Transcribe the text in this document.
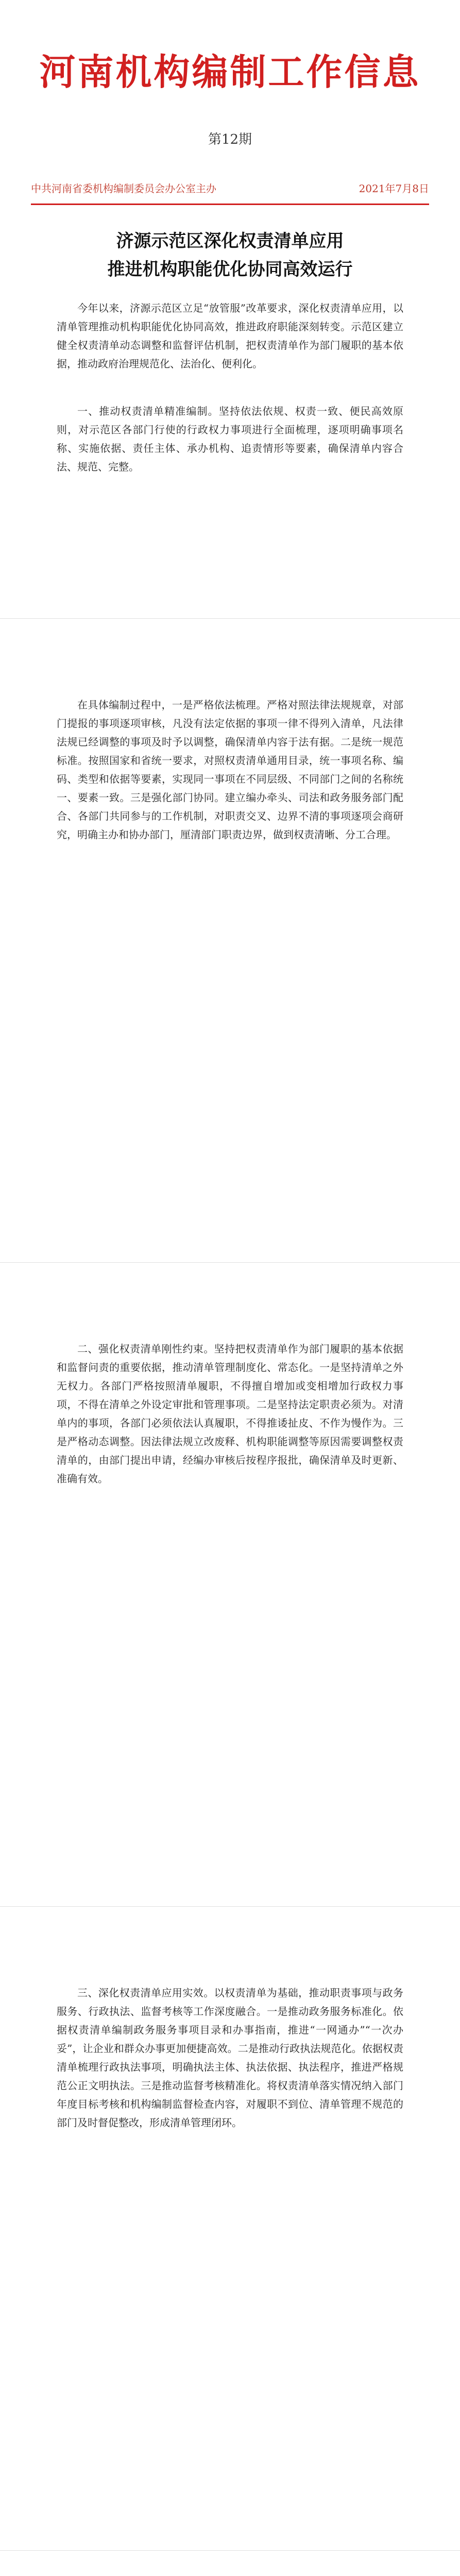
河南机构编制工作信息
第12期
中共河南省委机构编制委员会办公室主办	2021年7月8日
济源示范区深化权责清单应用
推进机构职能优化协同高效运行
今年以来，济源示范区立足“放管服”改革要求，深化权责清单应用，以清单管理推动机构职能优化协同高效，推进政府职能深刻转变。示范区建立健全权责清单动态调整和监督评估机制，把权责清单作为部门履职的基本依据，推动政府治理规范化、法治化、便利化。
一、推动权责清单精准编制。坚持依法依规、权责一致、便民高效原则，对示范区各部门行使的行政权力事项进行全面梳理，逐项明确事项名称、实施依据、责任主体、承办机构、追责情形等要素，确保清单内容合法、规范、完整。
在具体编制过程中，一是严格依法梳理。严格对照法律法规规章，对部门提报的事项逐项审核，凡没有法定依据的事项一律不得列入清单，凡法律法规已经调整的事项及时予以调整，确保清单内容于法有据。二是统一规范标准。按照国家和省统一要求，对照权责清单通用目录，统一事项名称、编码、类型和依据等要素，实现同一事项在不同层级、不同部门之间的名称统一、要素一致。三是强化部门协同。建立编办牵头、司法和政务服务部门配合、各部门共同参与的工作机制，对职责交叉、边界不清的事项逐项会商研究，明确主办和协办部门，厘清部门职责边界，做到权责清晰、分工合理。
二、强化权责清单刚性约束。坚持把权责清单作为部门履职的基本依据和监督问责的重要依据，推动清单管理制度化、常态化。一是坚持清单之外无权力。各部门严格按照清单履职，不得擅自增加或变相增加行政权力事项，不得在清单之外设定审批和管理事项。二是坚持法定职责必须为。对清单内的事项，各部门必须依法认真履职，不得推诿扯皮、不作为慢作为。三是严格动态调整。因法律法规立改废释、机构职能调整等原因需要调整权责清单的，由部门提出申请，经编办审核后按程序报批，确保清单及时更新、准确有效。
三、深化权责清单应用实效。以权责清单为基础，推动职责事项与政务服务、行政执法、监督考核等工作深度融合。一是推动政务服务标准化。依据权责清单编制政务服务事项目录和办事指南，推进“一网通办”“一次办妥”，让企业和群众办事更加便捷高效。二是推动行政执法规范化。依据权责清单梳理行政执法事项，明确执法主体、执法依据、执法程序，推进严格规范公正文明执法。三是推动监督考核精准化。将权责清单落实情况纳入部门年度目标考核和机构编制监督检查内容，对履职不到位、清单管理不规范的部门及时督促整改，形成清单管理闭环。
